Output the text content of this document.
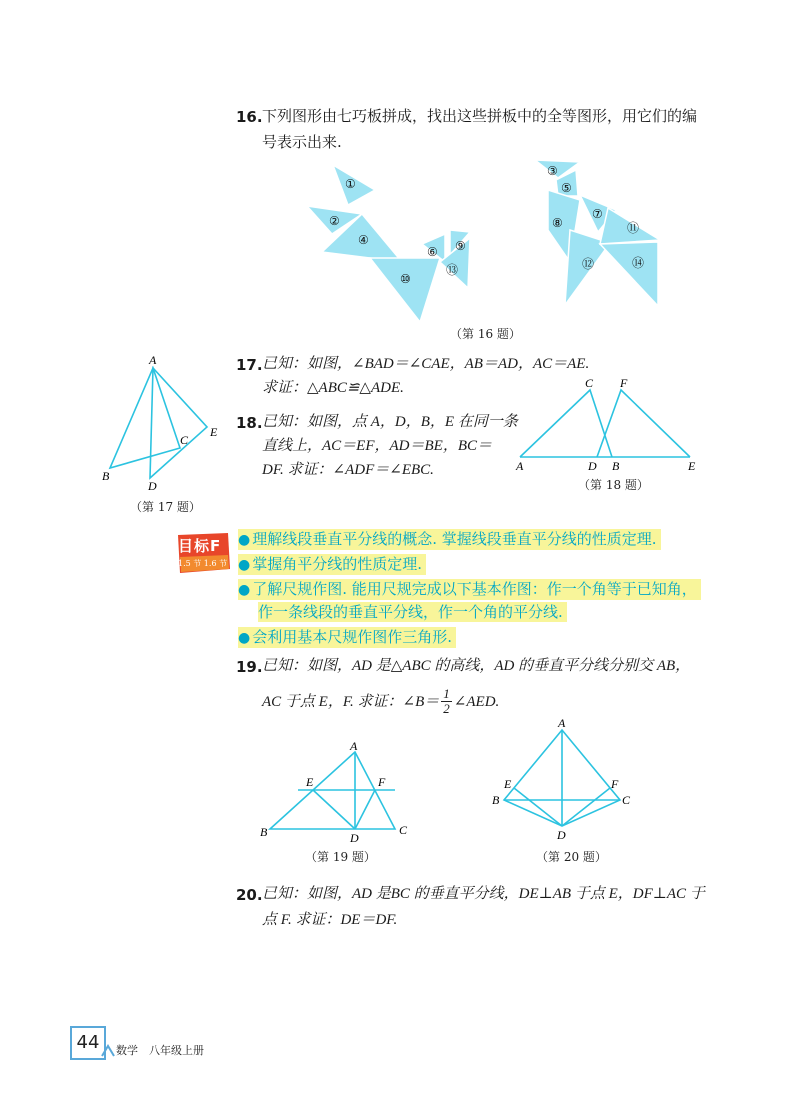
16. 下列图形由七巧板拼成，找出这些拼板中的全等图形，用它们的编
号表示出来.
①
②
③
④
⑤
⑥
⑦
⑧
⑨
⑩
⑪
⑫
⑬	⑭
（第 16 题）
A
B
C
D
E
（第 17 题）
17. 已知：如图，∠BAD＝∠CAE，AB＝AD，AC＝AE.
求证：△ABC≌△ADE.
18. 已知：如图，点 A，D，B，E 在同一条
直线上，AC＝EF，AD＝BE，BC＝
DF. 求证：∠ADF＝∠EBC.
C F
A	D B	E
（第 18 题）
目标F
1.5 节 1.6 节
● 理解线段垂直平分线的概念. 掌握线段垂直平分线的性质定理.
● 掌握角平分线的性质定理.
● 了解尺规作图. 能用尺规完成以下基本作图：作一个角等于已知角，
作一条线段的垂直平分线，作一个角的平分线.
● 会利用基本尺规作图作三角形.
19. 已知：如图，AD 是△ABC 的高线，AD 的垂直平分线分别交 AB，
AC 于点 E，F. 求证：∠B＝ $\frac{1}{2}$ ∠AED.
A
E	F
B	D
C
（第 19 题）
A
E	F
B	C
D
（第 20 题）
20. 已知：如图，AD 是BC 的垂直平分线，DE⊥AB 于点 E，DF⊥AC 于
点 F. 求证：DE＝DF.
44	数学　八年级上册
